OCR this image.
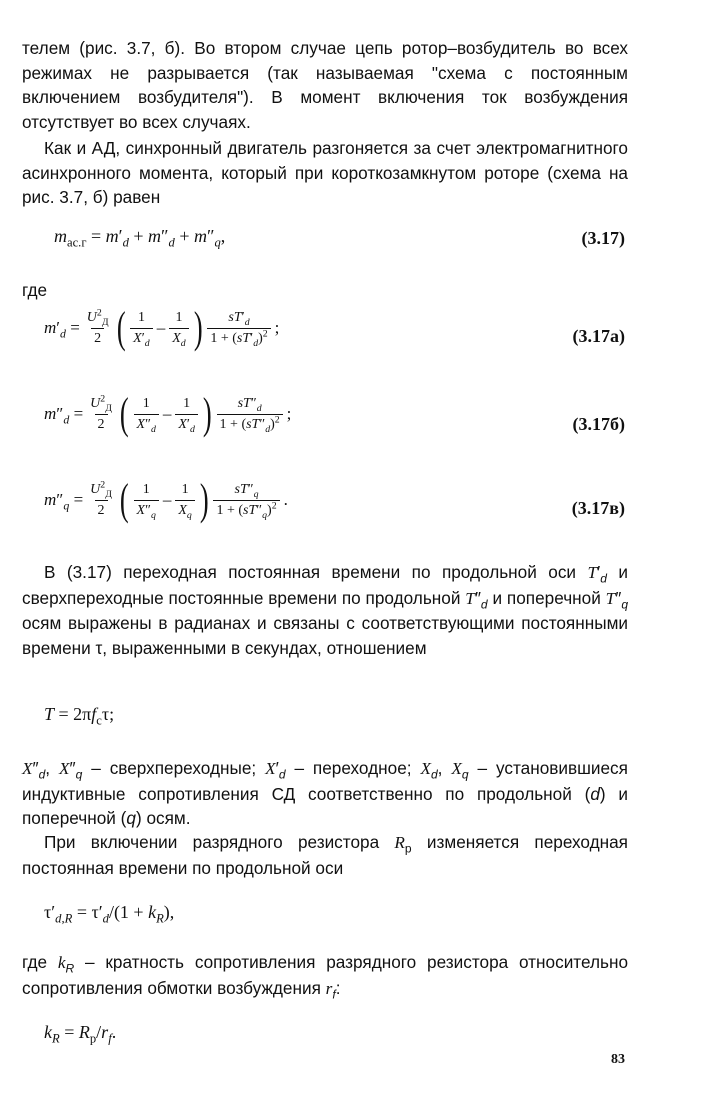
телем (рис. 3.7, б). Во втором случае цепь ротор–возбудитель во всех режимах не разрывается (так называемая "схема с постоянным включением возбудителя"). В момент включения ток возбуждения отсутствует во всех случаях.

Как и АД, синхронный двигатель разгоняется за счет электромагнитного асинхронного момента, который при короткозамкнутом роторе (схема на рис. 3.7, б) равен

$m_{ас.г} = m'_d + m''_d + m''_q$,	(3.17)

где

$m'_d = \frac{U^2_Д}{2}$ ( $\frac{1}{X'_d} - \frac{1}{X_d}$ ) $\frac{sT'_d}{1 + (sT'_d)^2}$ ;	(3.17а)
$m''_d = \frac{U^2_Д}{2}$ ( $\frac{1}{X''_d} - \frac{1}{X'_d}$ ) $\frac{sT''_d}{1 + (sT''_d)^2}$ ;
(3.17б)
$m''_q = \frac{U^2_Д}{2}$ ( $\frac{1}{X''_q} - \frac{1}{X_q}$ ) $\frac{sT''_q}{1 + (sT''_q)^2}$ .	(3.17в)

В (3.17) переходная постоянная времени по продольной оси $T'_d$ и сверхпереходные постоянные времени по продольной $T''_d$ и поперечной $T''_q$ осям выражены в радианах и связаны с соответствующими постоянными времени τ, выраженными в секундах, отношением

$T = 2\pi f_c\tau$;

$X''_d$, $X''_q$ – сверхпереходные; $X'_d$ – переходное; $X_d$, $X_q$ – установившиеся индуктивные сопротивления СД соответственно по продольной (d) и поперечной (q) осям.

При включении разрядного резистора $R_р$ изменяется переходная постоянная времени по продольной оси

$\tau'_{d,R} = \tau'_d/(1 + k_R)$,

где $k_R$ – кратность сопротивления разрядного резистора относительно сопротивления обмотки возбуждения $r_f$:

$k_R = R_р/r_f$.
83
